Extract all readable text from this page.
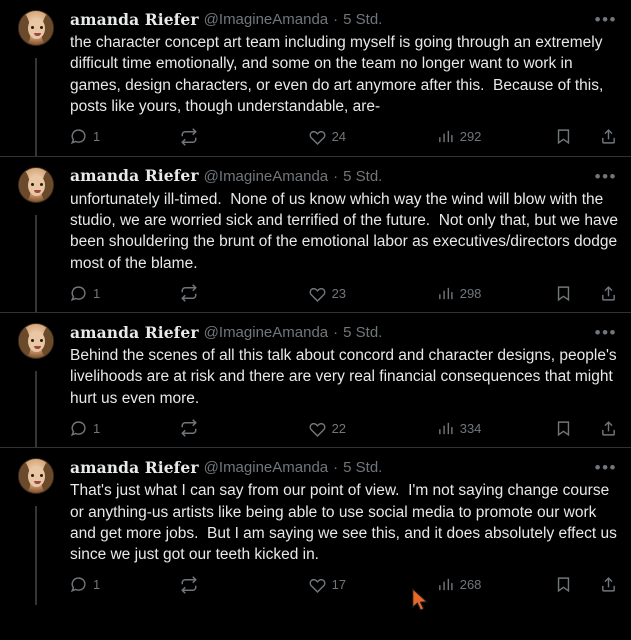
amanda Riefer @ImagineAmanda · 5 Std.	•••
the character concept art team including myself is going through an extremely difficult time emotionally, and some on the team no longer want to work in games, design characters, or even do art anymore after this.  Because of this, posts like yours, though understandable, are-
1	24	292
amanda Riefer @ImagineAmanda · 5 Std.	•••
unfortunately ill-timed.  None of us know which way the wind will blow with the studio, we are worried sick and terrified of the future.  Not only that, but we have been shouldering the brunt of the emotional labor as executives/directors dodge most of the blame.
1	23	298
amanda Riefer @ImagineAmanda · 5 Std.	•••
Behind the scenes of all this talk about concord and character designs, people's livelihoods are at risk and there are very real financial consequences that might hurt us even more.
1	22	334
amanda Riefer @ImagineAmanda · 5 Std.	•••
That's just what I can say from our point of view.  I'm not saying change course or anything-us artists like being able to use social media to promote our work and get more jobs.  But I am saying we see this, and it does absolutely effect us since we just got our teeth kicked in.
1	17	268
